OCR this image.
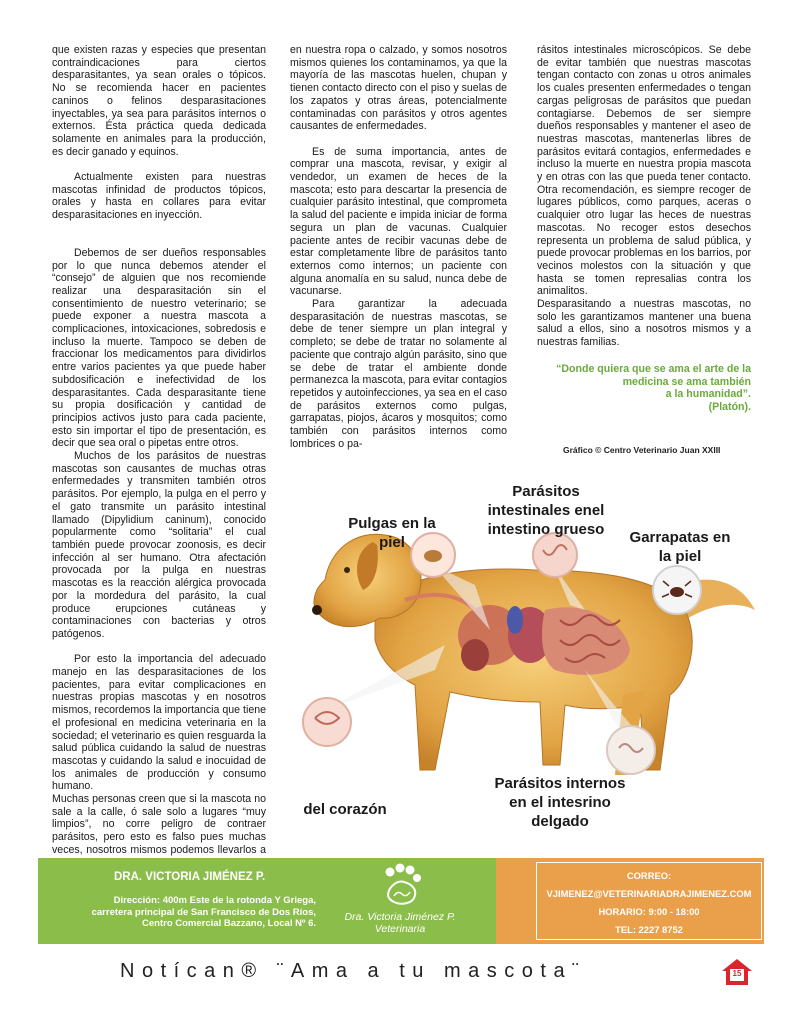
que existen razas y especies que presentan contraindicaciones para ciertos desparasitantes, ya sean orales o tópicos. No se recomienda hacer en pacientes caninos o felinos desparasitaciones inyectables, ya sea para parásitos internos o externos. Ésta práctica queda dedicada solamente en animales para la producción, es decir ganado y equinos.

Actualmente existen para nuestras mascotas infinidad de productos tópicos, orales y hasta en collares para evitar desparasitaciones en inyección.

Debemos de ser dueños responsables por lo que nunca debemos atender el “consejo” de alguien que nos recomiende realizar una desparasitación sin el consentimiento de nuestro veterinario; se puede exponer a nuestra mascota a complicaciones, intoxicaciones, sobredosis e incluso la muerte. Tampoco se deben de fraccionar los medicamentos para dividirlos entre varios pacientes ya que puede haber subdosificación e inefectividad de los desparasitantes. Cada desparasitante tiene su propia dosificación y cantidad de principios activos justo para cada paciente, esto sin importar el tipo de presentación, es decir que sea oral o pipetas entre otros.

Muchos de los parásitos de nuestras mascotas son causantes de muchas otras enfermedades y transmiten también otros parásitos. Por ejemplo, la pulga en el perro y el gato transmite un parásito intestinal llamado (Dipylidium caninum), conocido popularmente como “solitaria” el cual también puede provocar zoonosis, es decir infección al ser humano. Otra afectación provocada por la pulga en nuestras mascotas es la reacción alérgica provocada por la mordedura del parásito, la cual produce erupciones cutáneas y contaminaciones con bacterias y otros patógenos.

Por esto la importancia del adecuado manejo en las desparasitaciones de los pacientes, para evitar complicaciones en nuestras propias mascotas y en nosotros mismos, recordemos la importancia que tiene el profesional en medicina veterinaria en la sociedad; el veterinario es quien resguarda la salud pública cuidando la salud de nuestras mascotas y cuidando la salud e inocuidad de los animales de producción y consumo humano.

Muchas personas creen que si la mascota no sale a la calle, ó sale solo a lugares “muy limpios”, no corre peligro de contraer parásitos, pero esto es falso pues muchas veces, nosotros mismos podemos llevarlos a

en nuestra ropa o calzado, y somos nosotros mismos quienes los contaminamos, ya que la mayoría de las mascotas huelen, chupan y tienen contacto directo con el piso y suelas de los zapatos y otras áreas, potencialmente contaminadas con parásitos y otros agentes causantes de enfermedades.

Es de suma importancia, antes de comprar una mascota, revisar, y exigir al vendedor, un examen de heces de la mascota; esto para descartar la presencia de cualquier parásito intestinal, que comprometa la salud del paciente e impida iniciar de forma segura un plan de vacunas. Cualquier paciente antes de recibir vacunas debe de estar completamente libre de parásitos tanto externos como internos; un paciente con alguna anomalía en su salud, nunca debe de vacunarse.

Para garantizar la adecuada desparasitación de nuestras mascotas, se debe de tener siempre un plan integral y completo; se debe de tratar no solamente al paciente que contrajo algún parásito, sino que se debe de tratar el ambiente donde permanezca la mascota, para evitar contagios repetidos y autoinfecciones, ya sea en el caso de parásitos externos como pulgas, garrapatas, piojos, ácaros y mosquitos; como también con parásitos internos como lombrices o pa-

rásitos intestinales microscópicos. Se debe de evitar también que nuestras mascotas tengan contacto con zonas u otros animales los cuales presenten enfermedades o tengan cargas peligrosas de parásitos que puedan contagiarse. Debemos de ser siempre dueños responsables y mantener el aseo de nuestras mascotas, mantenerlas libres de parásitos evitará contagios, enfermedades e incluso la muerte en nuestra propia mascota y en otras con las que pueda tener contacto. Otra recomendación, es siempre recoger de lugares públicos, como parques, aceras o cualquier otro lugar las heces de nuestras mascotas. No recoger estos desechos representa un problema de salud pública, y puede provocar problemas en los barrios, por vecinos molestos con la situación y que hasta se tomen represalias contra los animalitos.

Desparasitando a nuestras mascotas, no solo les garantizamos mantener una buena salud a ellos, sino a nosotros mismos y a nuestras familias.

“Donde quiera que se ama el arte de la
medicina se ama también
a la humanidad”.
(Platón).
Gráfico © Centro Veterinario Juan XXIII
Pulgas en la
piel
Parásitos
intestinales enel
intestino grueso	Garrapatas en
la piel
del corazón
Parásitos internos
en el intesrino
delgado
DRA. VICTORIA JIMÉNEZ P.
Dirección: 400m Este de la rotonda Y Griega,
carretera principal de San Francisco de Dos Ríos,
Centro Comercial Bazzano, Local Nº 6.
Dra. Victoria Jiménez P.
Veterinaria
CORREO:
VJIMENEZ@VETERINARIADRAJIMENEZ.COM
HORARIO: 9:00 - 18:00
TEL: 2227 8752
Notícan® ¨Ama a tu mascota¨	15
